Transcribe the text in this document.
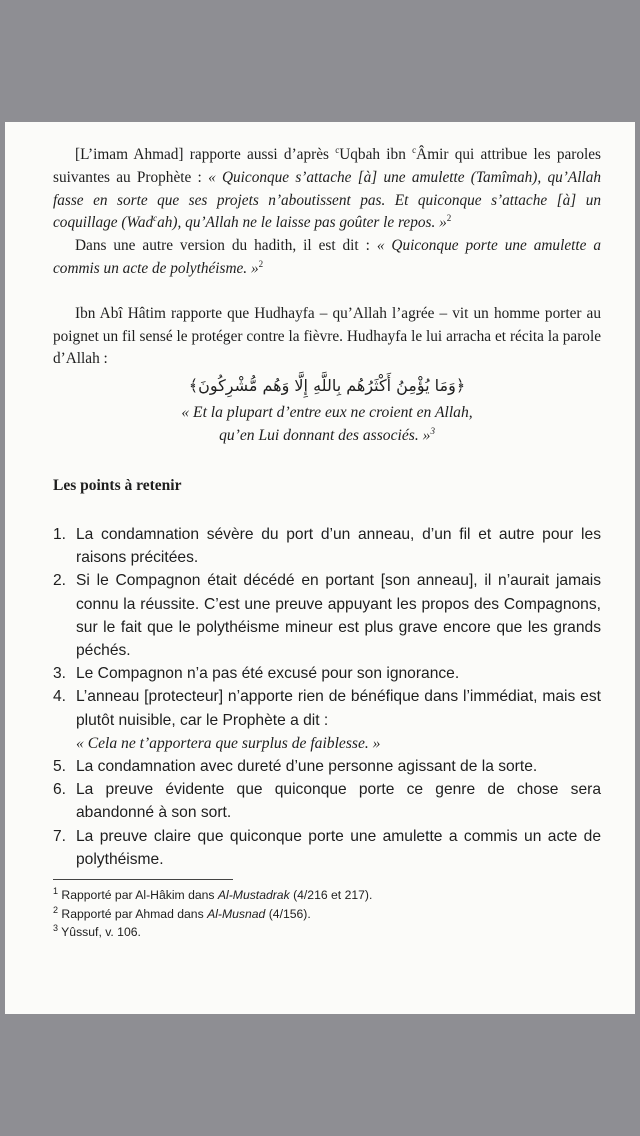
[L’imam Ahmad] rapporte aussi d’après $^c$Uqbah ibn $^c$Âmir qui attribue les paroles suivantes au Prophète : « Quiconque s’attache [à] une amulette (Tamîmah), qu’Allah fasse en sorte que ses projets n’aboutissent pas. Et quiconque s’attache [à] un coquillage (Wad$^c$ah), qu’Allah ne le laisse pas goûter le repos. »$^2$

Dans une autre version du hadith, il est dit : « Quiconque porte une amulette a commis un acte de polythéisme. »$^2$

Ibn Abî Hâtim rapporte que Hudhayfa – qu’Allah l’agrée – vit un homme porter au poignet un fil sensé le protéger contre la fièvre. Hudhayfa le lui arracha et récita la parole d’Allah :

﴿وَمَا يُؤْمِنُ أَكْثَرُهُم بِاللَّهِ إِلَّا وَهُم مُّشْرِكُونَ﴾
« Et la plupart d’entre eux ne croient en Allah,
qu’en Lui donnant des associés. »$^3$
Les points à retenir
1. La condamnation sévère du port d’un anneau, d’un fil et autre pour les raisons précitées.
2. Si le Compagnon était décédé en portant [son anneau], il n’aurait jamais connu la réussite. C’est une preuve appuyant les propos des Compagnons, sur le fait que le polythéisme mineur est plus grave encore que les grands péchés.
3. Le Compagnon n’a pas été excusé pour son ignorance.
4. L’anneau [protecteur] n’apporte rien de bénéfique dans l’immédiat, mais est plutôt nuisible, car le Prophète a dit :
« Cela ne t’apportera que surplus de faiblesse. »
5. La condamnation avec dureté d’une personne agissant de la sorte.
6. La preuve évidente que quiconque porte ce genre de chose sera abandonné à son sort.
7. La preuve claire que quiconque porte une amulette a commis un acte de polythéisme.
$^1$ Rapporté par Al-Hâkim dans Al-Mustadrak (4/216 et 217).
$^2$ Rapporté par Ahmad dans Al-Musnad (4/156).
$^3$ Yûssuf, v. 106.
